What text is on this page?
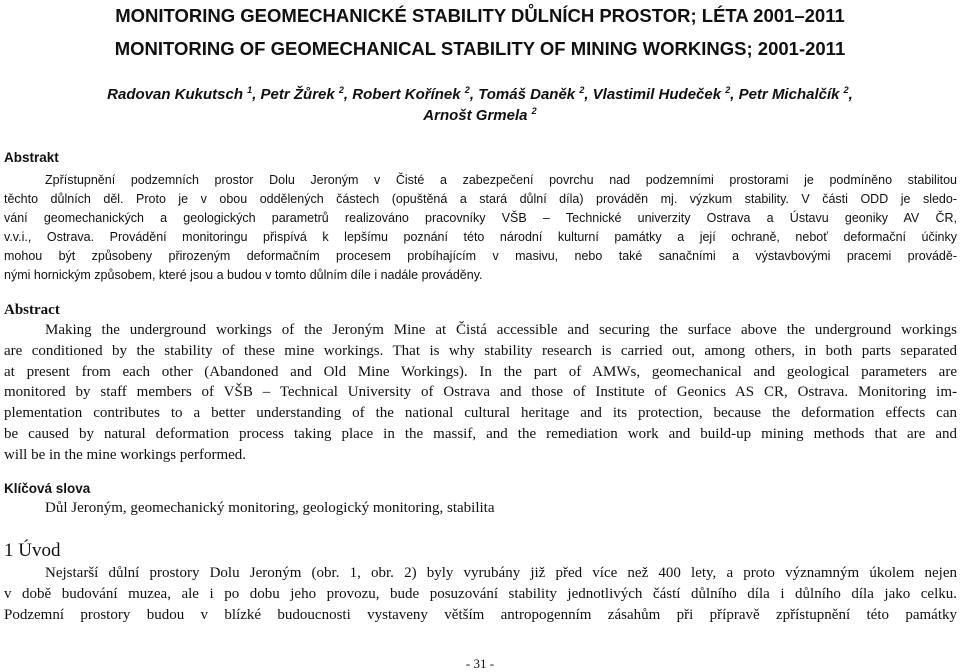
MONITORING GEOMECHANICKÉ STABILITY DŮLNÍCH PROSTOR; LÉTA 2001–2011
MONITORING OF GEOMECHANICAL STABILITY OF MINING WORKINGS; 2001-2011
Radovan Kukutsch $^1$, Petr Žůrek $^2$, Robert Kořínek $^2$, Tomáš Daněk $^2$, Vlastimil Hudeček $^2$, Petr Michalčík $^2$,
Arnošt Grmela $^2$
Abstrakt
Zpřístupnění podzemních prostor Dolu Jeroným v Čisté a zabezpečení povrchu nad podzemními prostorami je podmíněno stabilitou
těchto důlních děl. Proto je v obou oddělených částech (opuštěná a stará důlní díla) prováděn mj. výzkum stability. V části ODD je sledo-
vání geomechanických a geologických parametrů realizováno pracovníky VŠB – Technické univerzity Ostrava a Ústavu geoniky AV ČR,
v.v.i., Ostrava. Provádění monitoringu přispívá k lepšímu poznání této národní kulturní památky a její ochraně, neboť deformační účinky
mohou být způsobeny přirozeným deformačním procesem probíhajícím v masivu, nebo také sanačními a výstavbovými pracemi provádě-
nými hornickým způsobem, které jsou a budou v tomto důlním díle i nadále prováděny.
Abstract
Making the underground workings of the Jeroným Mine at Čistá accessible and securing the surface above the underground workings
are conditioned by the stability of these mine workings. That is why stability research is carried out, among others, in both parts separated
at present from each other (Abandoned and Old Mine Workings). In the part of AMWs, geomechanical and geological parameters are
monitored by staff members of VŠB – Technical University of Ostrava and those of Institute of Geonics AS CR, Ostrava. Monitoring im-
plementation contributes to a better understanding of the national cultural heritage and its protection, because the deformation effects can
be caused by natural deformation process taking place in the massif, and the remediation work and build-up mining methods that are and
will be in the mine workings performed.
Klíčová slova
Důl Jeroným, geomechanický monitoring, geologický monitoring, stabilita
1 Úvod
Nejstarší důlní prostory Dolu Jeroným (obr. 1, obr. 2) byly vyrubány již před více než 400 lety, a proto významným úkolem nejen
v době budování muzea, ale i po dobu jeho provozu, bude posuzování stability jednotlivých částí důlního díla i důlního díla jako celku.
Podzemní prostory budou v blízké budoucnosti vystaveny větším antropogenním zásahům při přípravě zpřístupnění této památky
- 31 -
